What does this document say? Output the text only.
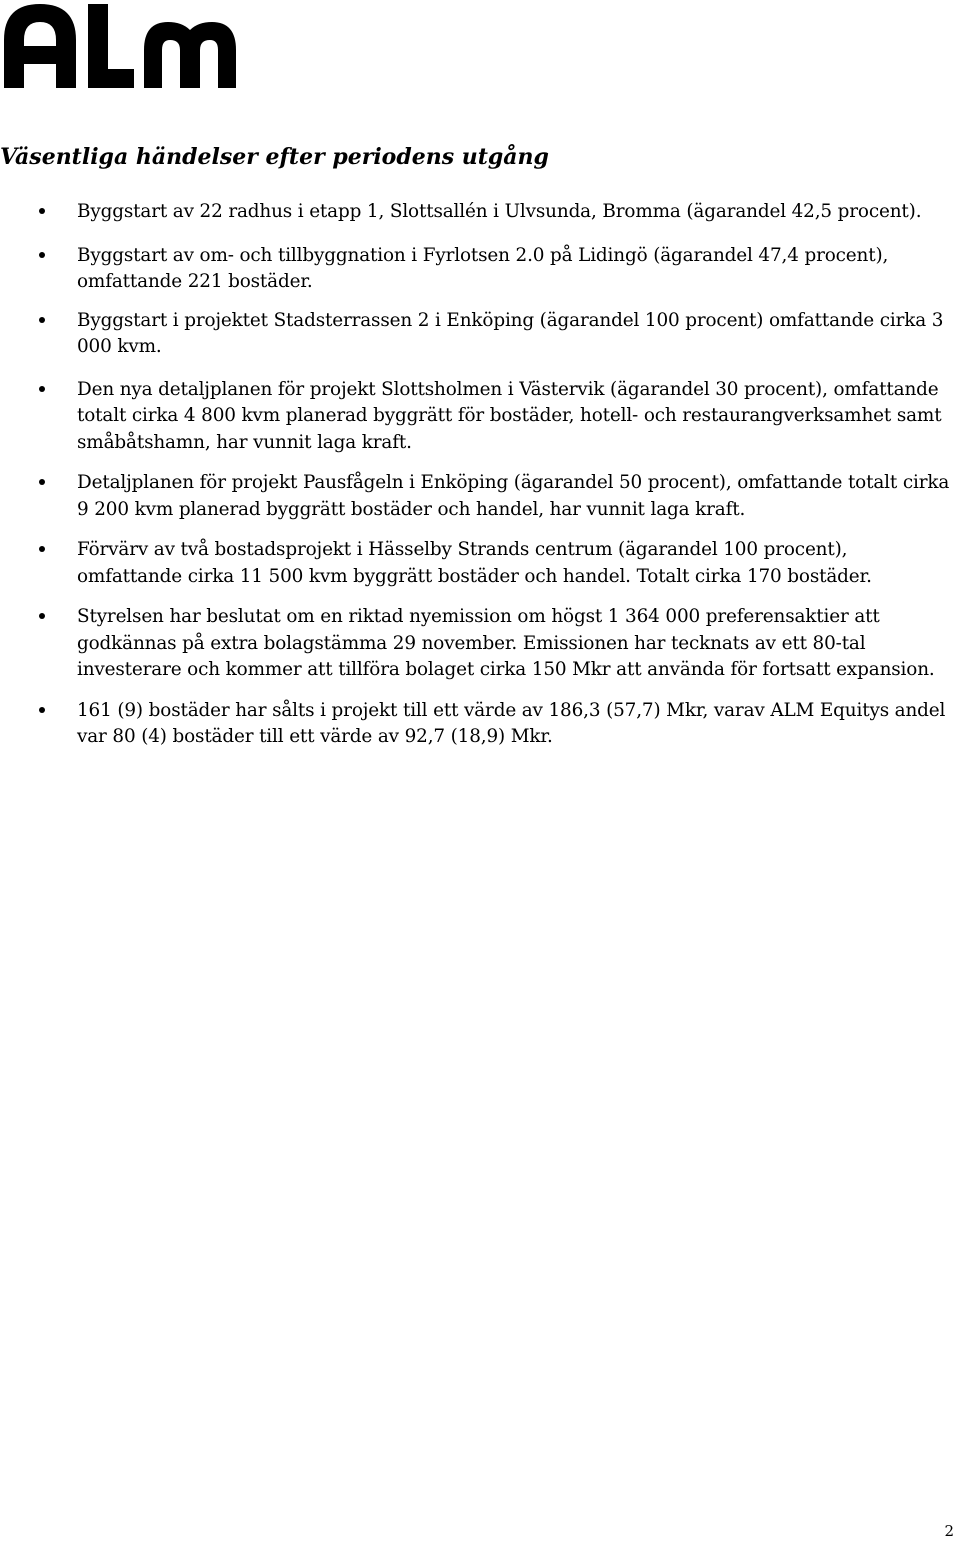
Väsentliga händelser efter periodens utgång
Byggstart av 22 radhus i etapp 1, Slottsallén i Ulvsunda, Bromma (ägarandel 42,5 procent).
Byggstart av om- och tillbyggnation i Fyrlotsen 2.0 på Lidingö (ägarandel 47,4 procent), omfattande 221 bostäder.
Byggstart i projektet Stadsterrassen 2 i Enköping (ägarandel 100 procent) omfattande cirka 3 000 kvm.
Den nya detaljplanen för projekt Slottsholmen i Västervik (ägarandel 30 procent), omfattande totalt cirka 4 800 kvm planerad byggrätt för bostäder, hotell- och restaurangverksamhet samt småbåtshamn, har vunnit laga kraft.
Detaljplanen för projekt Pausfågeln i Enköping (ägarandel 50 procent), omfattande totalt cirka 9 200 kvm planerad byggrätt bostäder och handel, har vunnit laga kraft.
Förvärv av två bostadsprojekt i Hässelby Strands centrum (ägarandel 100 procent), omfattande cirka 11 500 kvm byggrätt bostäder och handel. Totalt cirka 170 bostäder.
Styrelsen har beslutat om en riktad nyemission om högst 1 364 000 preferensaktier att godkännas på extra bolagstämma 29 november. Emissionen har tecknats av ett 80-tal investerare och kommer att tillföra bolaget cirka 150 Mkr att använda för fortsatt expansion.
161 (9) bostäder har sålts i projekt till ett värde av 186,3 (57,7) Mkr, varav ALM Equitys andel var 80 (4) bostäder till ett värde av 92,7 (18,9) Mkr.
2
